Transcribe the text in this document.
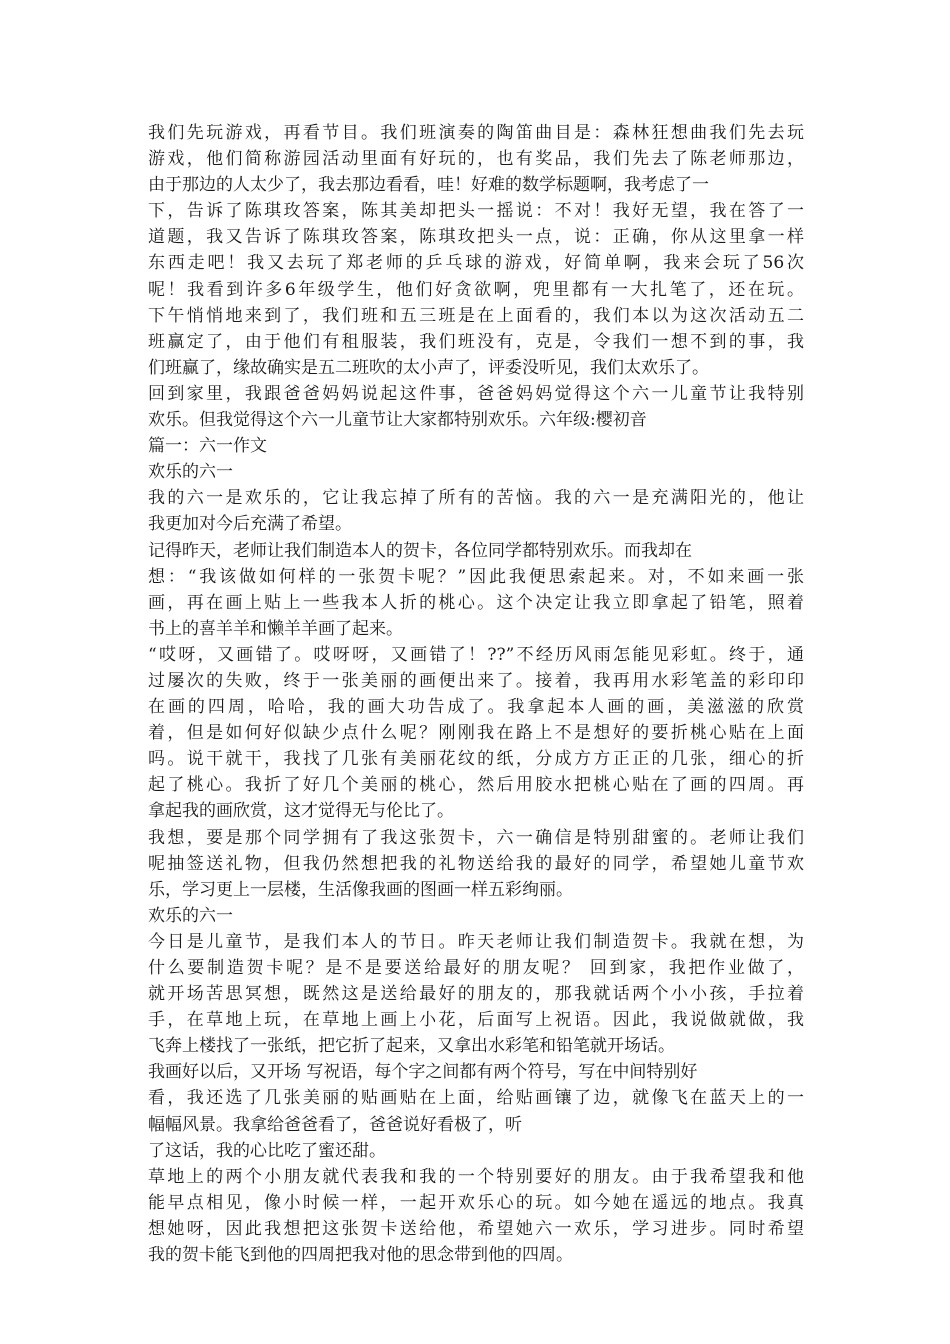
我们先玩游戏，再看节目。我们班演奏的陶笛曲目是：森林狂想曲我们先去玩
游戏，他们简称游园活动里面有好玩的，也有奖品，我们先去了陈老师那边，
由于那边的人太少了，我去那边看看，哇！好难的数学标题啊，我考虑了一
下，告诉了陈琪玫答案，陈其美却把头一摇说：不对！我好无望，我在答了一
道题，我又告诉了陈琪玫答案，陈琪玫把头一点，说：正确，你从这里拿一样
东西走吧！我又去玩了郑老师的乒乓球的游戏，好简单啊，我来会玩了56次
呢！我看到许多6年级学生，他们好贪欲啊，兜里都有一大扎笔了，还在玩。
下午悄悄地来到了，我们班和五三班是在上面看的，我们本以为这次活动五二
班赢定了，由于他们有租服装，我们班没有，克是，令我们一想不到的事，我
们班赢了，缘故确实是五二班吹的太小声了，评委没听见，我们太欢乐了。
回到家里，我跟爸爸妈妈说起这件事，爸爸妈妈觉得这个六一儿童节让我特别
欢乐。但我觉得这个六一儿童节让大家都特别欢乐。六年级:樱初音
篇一：六一作文
欢乐的六一
我的六一是欢乐的，它让我忘掉了所有的苦恼。我的六一是充满阳光的，他让
我更加对今后充满了希望。
记得昨天，老师让我们制造本人的贺卡，各位同学都特别欢乐。而我却在
想：“我该做如何样的一张贺卡呢？”因此我便思索起来。对，不如来画一张
画，再在画上贴上一些我本人折的桃心。这个决定让我立即拿起了铅笔，照着
书上的喜羊羊和懒羊羊画了起来。
“哎呀，又画错了。哎呀呀，又画错了！??”不经历风雨怎能见彩虹。终于，通
过屡次的失败，终于一张美丽的画便出来了。接着，我再用水彩笔盖的彩印印
在画的四周，哈哈，我的画大功告成了。我拿起本人画的画，美滋滋的欣赏
着，但是如何好似缺少点什么呢？刚刚我在路上不是想好的要折桃心贴在上面
吗。说干就干，我找了几张有美丽花纹的纸，分成方方正正的几张，细心的折
起了桃心。我折了好几个美丽的桃心，然后用胶水把桃心贴在了画的四周。再
拿起我的画欣赏，这才觉得无与伦比了。
我想，要是那个同学拥有了我这张贺卡，六一确信是特别甜蜜的。老师让我们
呢抽签送礼物，但我仍然想把我的礼物送给我的最好的同学，希望她儿童节欢
乐，学习更上一层楼，生活像我画的图画一样五彩绚丽。
欢乐的六一
今日是儿童节，是我们本人的节日。昨天老师让我们制造贺卡。我就在想，为
什么要制造贺卡呢？是不是要送给最好的朋友呢？ 回到家，我把作业做了，
就开场苦思冥想，既然这是送给最好的朋友的，那我就话两个小小孩，手拉着
手，在草地上玩，在草地上画上小花，后面写上祝语。因此，我说做就做，我
飞奔上楼找了一张纸，把它折了起来，又拿出水彩笔和铅笔就开场话。
我画好以后，又开场 写祝语，每个字之间都有两个符号，写在中间特别好
看，我还选了几张美丽的贴画贴在上面，给贴画镶了边，就像飞在蓝天上的一
幅幅风景。我拿给爸爸看了，爸爸说好看极了，听
了这话，我的心比吃了蜜还甜。
草地上的两个小朋友就代表我和我的一个特别要好的朋友。由于我希望我和他
能早点相见，像小时候一样，一起开欢乐心的玩。如今她在遥远的地点。我真
想她呀，因此我想把这张贺卡送给他，希望她六一欢乐，学习进步。同时希望
我的贺卡能飞到他的四周把我对他的思念带到他的四周。
